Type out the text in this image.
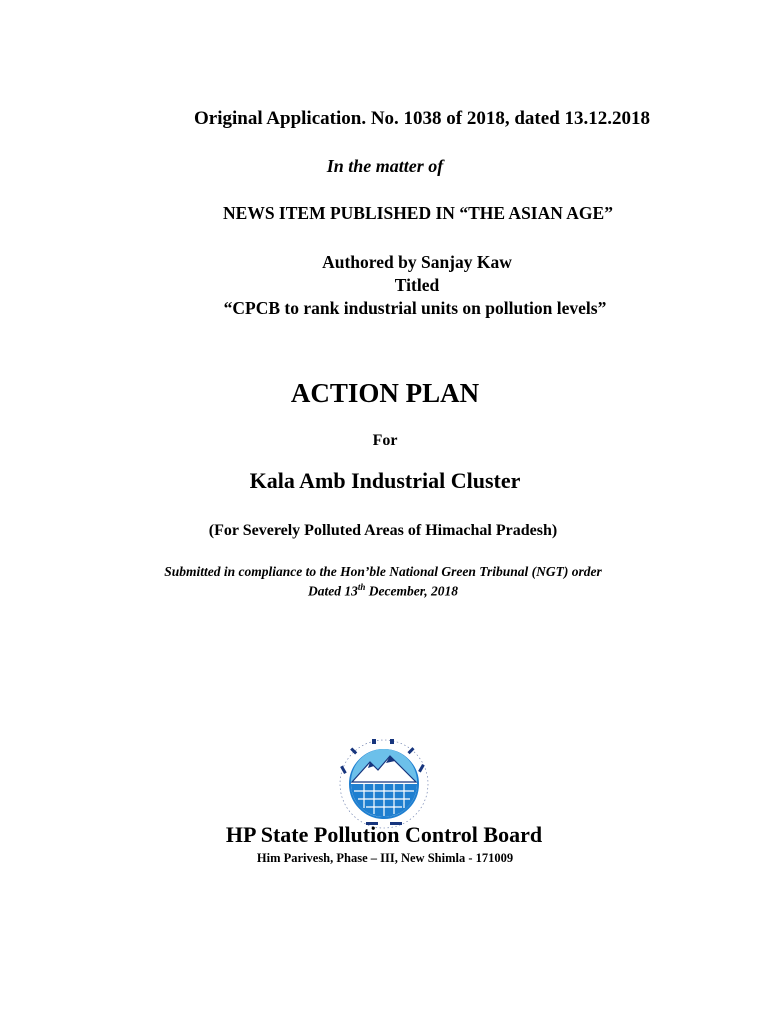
Original Application. No. 1038 of 2018, dated 13.12.2018
In the matter of
NEWS ITEM PUBLISHED IN “THE ASIAN AGE”
Authored by Sanjay Kaw
Titled
“CPCB to rank industrial units on pollution levels”
ACTION PLAN
For
Kala Amb Industrial Cluster
(For Severely Polluted Areas of Himachal Pradesh)
Submitted in compliance to the Hon’ble National Green Tribunal (NGT) order
Dated 13th December, 2018
HP State Pollution Control Board
Him Parivesh, Phase – III, New Shimla - 171009
